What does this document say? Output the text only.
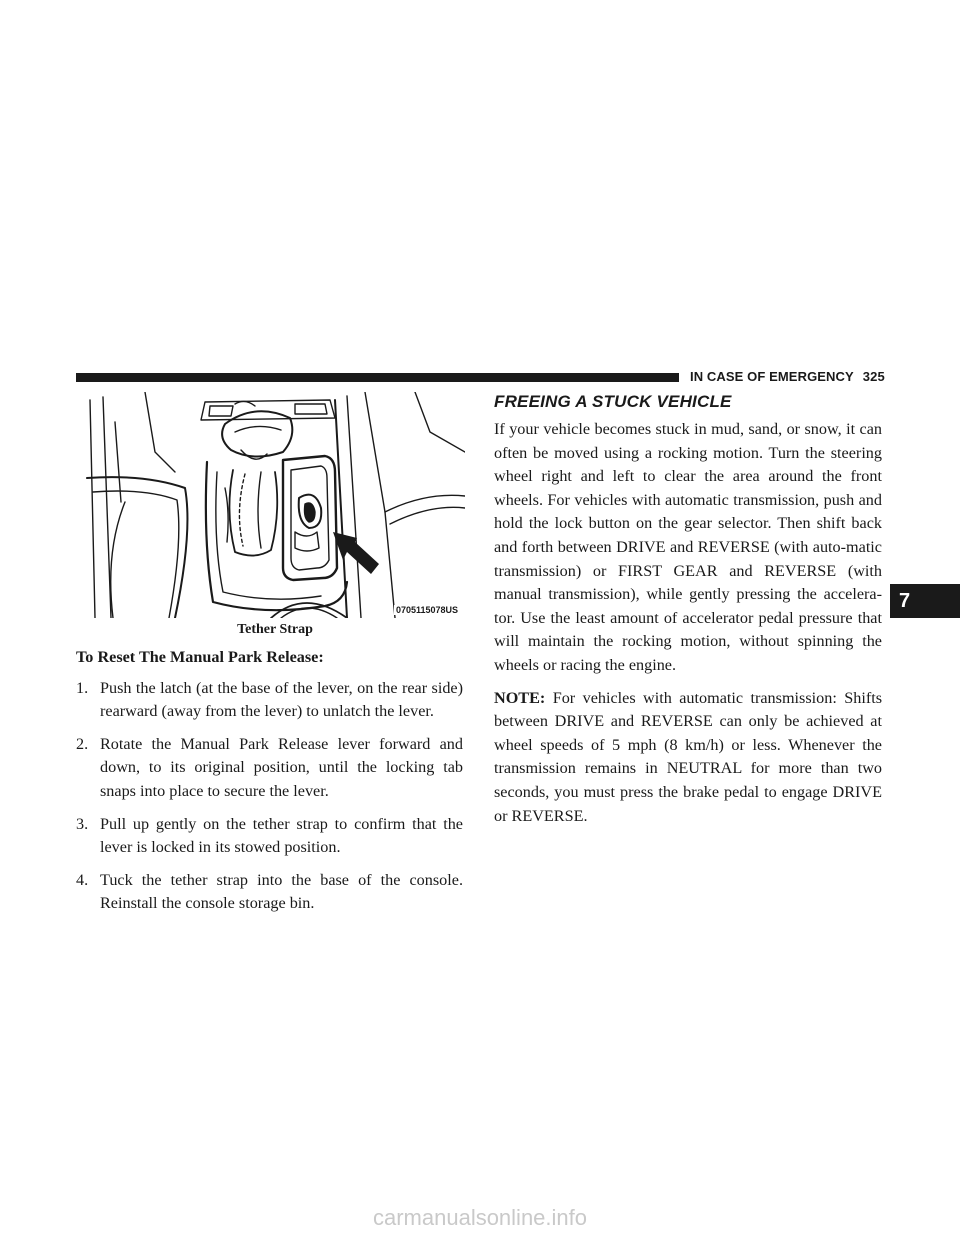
IN CASE OF EMERGENCY 325
0705115078US
Tether Strap

To Reset The Manual Park Release:

1. Push the latch (at the base of the lever, on the rear side) rearward (away from the lever) to unlatch the lever.
2. Rotate the Manual Park Release lever forward and down, to its original position, until the locking tab snaps into place to secure the lever.
3. Pull up gently on the tether strap to confirm that the lever is locked in its stowed position.
4. Tuck the tether strap into the base of the console. Reinstall the console storage bin.
FREEING A STUCK VEHICLE

If your vehicle becomes stuck in mud, sand, or snow, it can often be moved using a rocking motion. Turn the steering wheel right and left to clear the area around the front wheels. For vehicles with automatic transmission, push and hold the lock button on the gear selector. Then shift back and forth between DRIVE and REVERSE (with auto-matic transmission) or FIRST GEAR and REVERSE (with manual transmission), while gently pressing the accelera-tor. Use the least amount of accelerator pedal pressure that will maintain the rocking motion, without spinning the wheels or racing the engine.

NOTE: For vehicles with automatic transmission: Shifts between DRIVE and REVERSE can only be achieved at wheel speeds of 5 mph (8 km/h) or less. Whenever the transmission remains in NEUTRAL for more than two seconds, you must press the brake pedal to engage DRIVE or REVERSE.

7
carmanualsonline.info
